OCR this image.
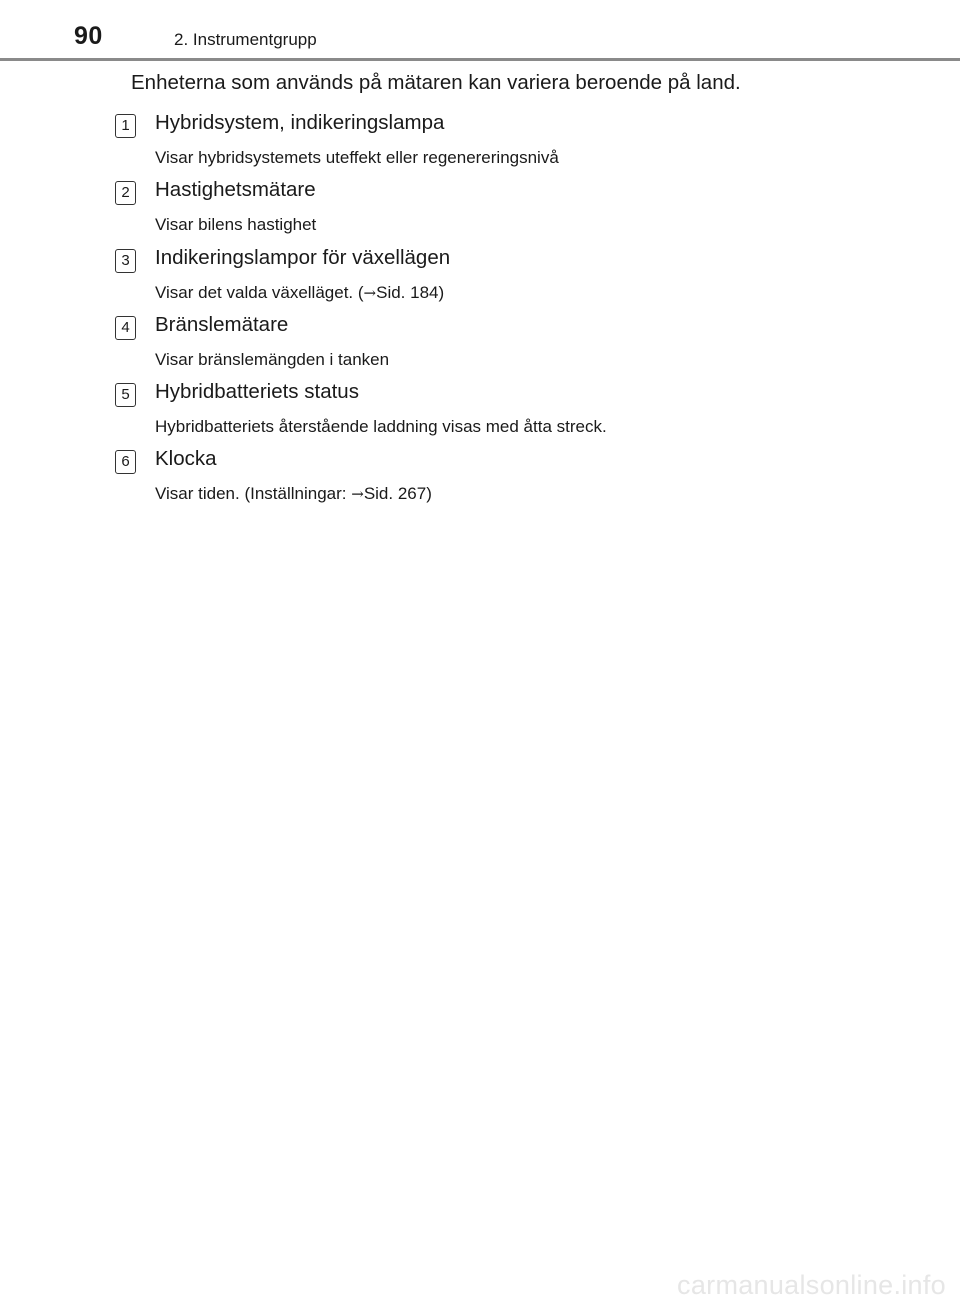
90	2. Instrumentgrupp
Enheterna som används på mätaren kan variera beroende på land.
1	Hybridsystem, indikeringslampa
Visar hybridsystemets uteffekt eller regenereringsnivå
2	Hastighetsmätare
Visar bilens hastighet
3	Indikeringslampor för växellägen
Visar det valda växelläget. (→Sid. 184)
4	Bränslemätare
Visar bränslemängden i tanken
5	Hybridbatteriets status
Hybridbatteriets återstående laddning visas med åtta streck.
6	Klocka
Visar tiden. (Inställningar: →Sid. 267)
carmanualsonline.info
